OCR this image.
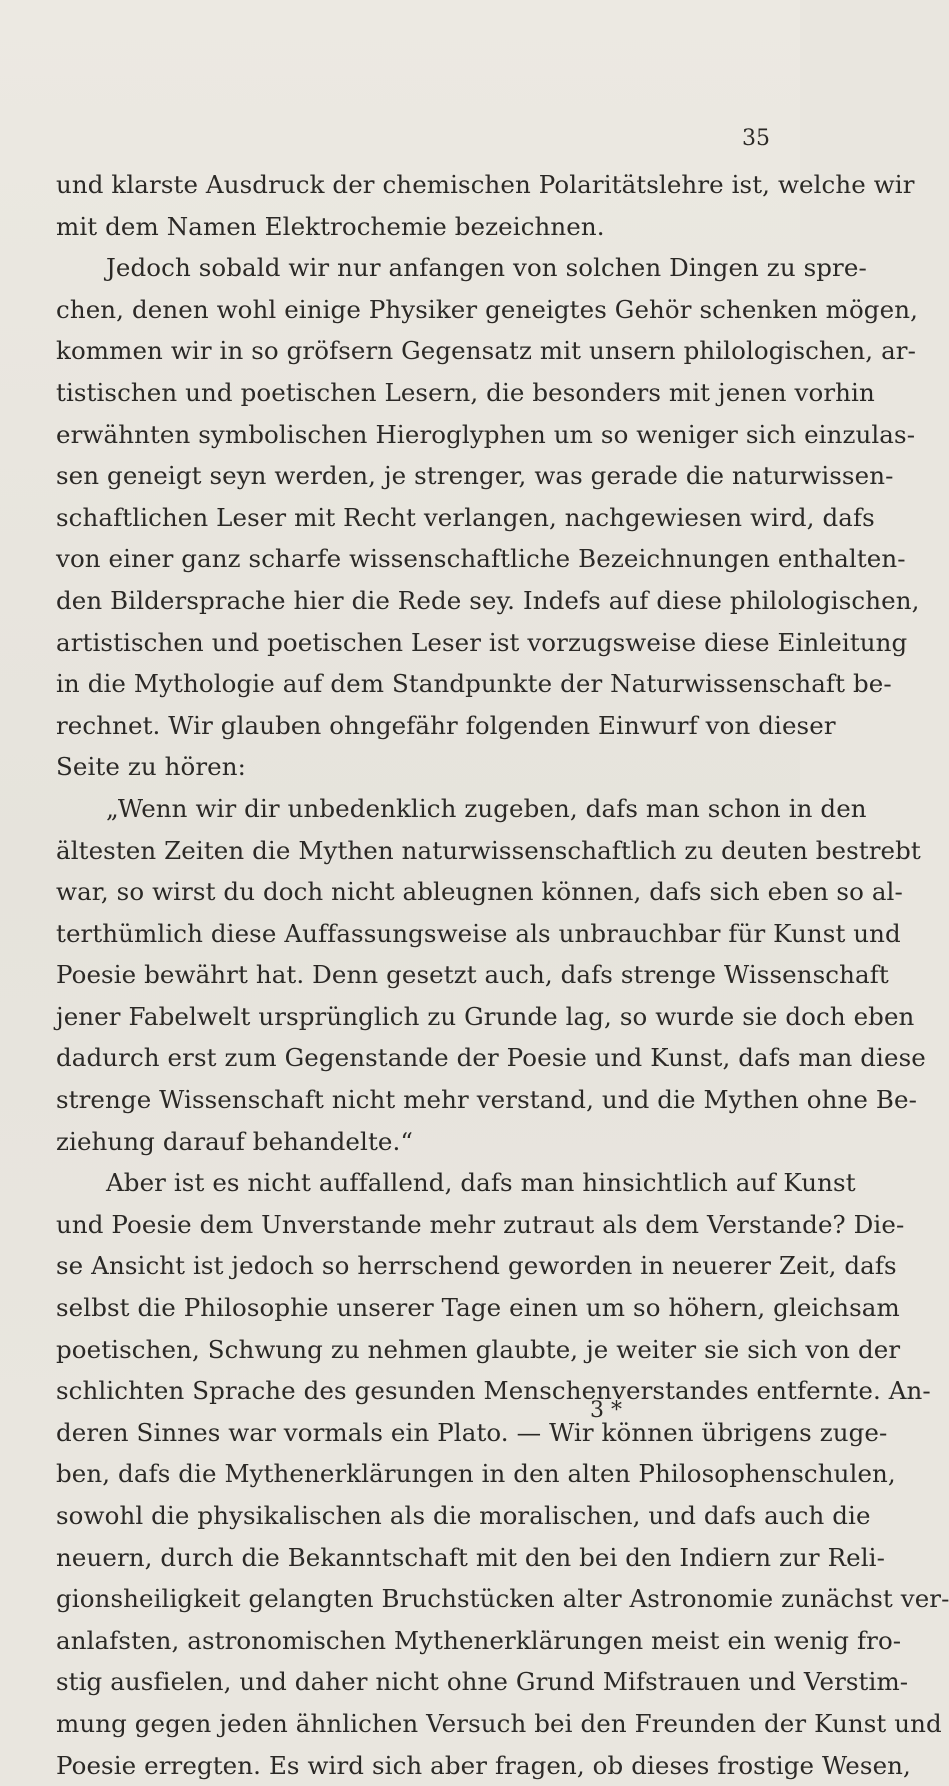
35
und klarste Ausdruck der chemischen Polaritätslehre ist, welche wir
mit dem Namen Elektrochemie bezeichnen.
Jedoch sobald wir nur anfangen von solchen Dingen zu spre-
chen, denen wohl einige Physiker geneigtes Gehör schenken mögen,
kommen wir in so gröfsern Gegensatz mit unsern philologischen, ar-
tistischen und poetischen Lesern, die besonders mit jenen vorhin
erwähnten symbolischen Hieroglyphen um so weniger sich einzulas-
sen geneigt seyn werden, je strenger, was gerade die naturwissen-
schaftlichen Leser mit Recht verlangen, nachgewiesen wird, dafs
von einer ganz scharfe wissenschaftliche Bezeichnungen enthalten-
den Bildersprache hier die Rede sey. Indefs auf diese philologischen,
artistischen und poetischen Leser ist vorzugsweise diese Einleitung
in die Mythologie auf dem Standpunkte der Naturwissenschaft be-
rechnet. Wir glauben ohngefähr folgenden Einwurf von dieser
Seite zu hören:
„Wenn wir dir unbedenklich zugeben, dafs man schon in den
ältesten Zeiten die Mythen naturwissenschaftlich zu deuten bestrebt
war, so wirst du doch nicht ableugnen können, dafs sich eben so al-
terthümlich diese Auffassungsweise als unbrauchbar für Kunst und
Poesie bewährt hat. Denn gesetzt auch, dafs strenge Wissenschaft
jener Fabelwelt ursprünglich zu Grunde lag, so wurde sie doch eben
dadurch erst zum Gegenstande der Poesie und Kunst, dafs man diese
strenge Wissenschaft nicht mehr verstand, und die Mythen ohne Be-
ziehung darauf behandelte.“
Aber ist es nicht auffallend, dafs man hinsichtlich auf Kunst
und Poesie dem Unverstande mehr zutraut als dem Verstande? Die-
se Ansicht ist jedoch so herrschend geworden in neuerer Zeit, dafs
selbst die Philosophie unserer Tage einen um so höhern, gleichsam
poetischen, Schwung zu nehmen glaubte, je weiter sie sich von der
schlichten Sprache des gesunden Menschenverstandes entfernte. An-
deren Sinnes war vormals ein Plato. — Wir können übrigens zuge-
ben, dafs die Mythenerklärungen in den alten Philosophenschulen,
sowohl die physikalischen als die moralischen, und dafs auch die
neuern, durch die Bekanntschaft mit den bei den Indiern zur Reli-
gionsheiligkeit gelangten Bruchstücken alter Astronomie zunächst ver-
anlafsten, astronomischen Mythenerklärungen meist ein wenig fro-
stig ausfielen, und daher nicht ohne Grund Mifstrauen und Verstim-
mung gegen jeden ähnlichen Versuch bei den Freunden der Kunst und
Poesie erregten. Es wird sich aber fragen, ob dieses frostige Wesen,
3 *
